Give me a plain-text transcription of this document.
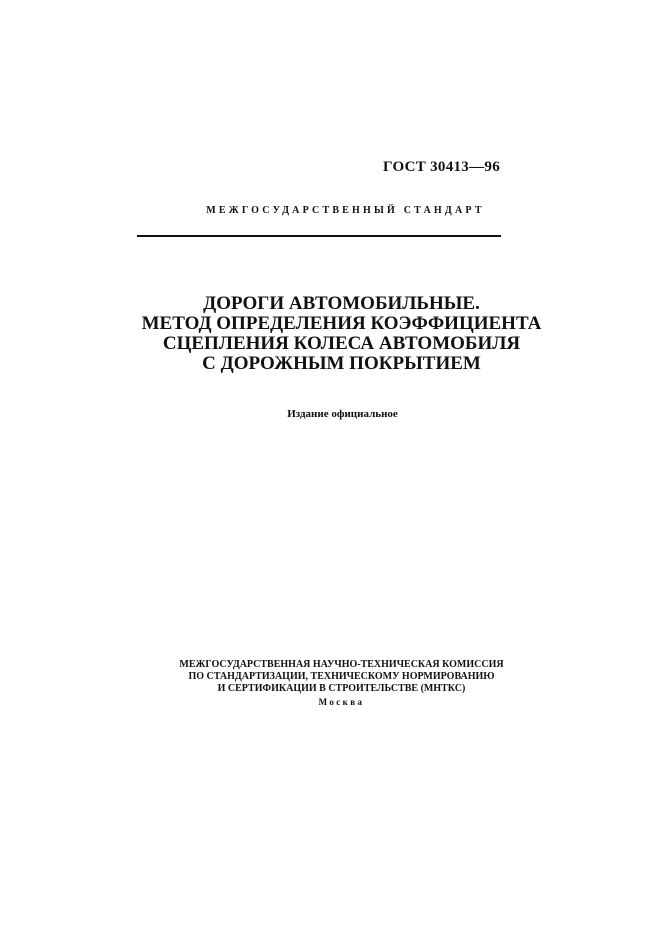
ГОСТ 30413—96
МЕЖГОСУДАРСТВЕННЫЙ СТАНДАРТ
ДОРОГИ АВТОМОБИЛЬНЫЕ.
МЕТОД ОПРЕДЕЛЕНИЯ КОЭФФИЦИЕНТА
СЦЕПЛЕНИЯ КОЛЕСА АВТОМОБИЛЯ
С ДОРОЖНЫМ ПОКРЫТИЕМ
Издание официальное
МЕЖГОСУДАРСТВЕННАЯ НАУЧНО-ТЕХНИЧЕСКАЯ КОМИССИЯ
ПО СТАНДАРТИЗАЦИИ, ТЕХНИЧЕСКОМУ НОРМИРОВАНИЮ
И СЕРТИФИКАЦИИ В СТРОИТЕЛЬСТВЕ (МНТКС)
Москва
